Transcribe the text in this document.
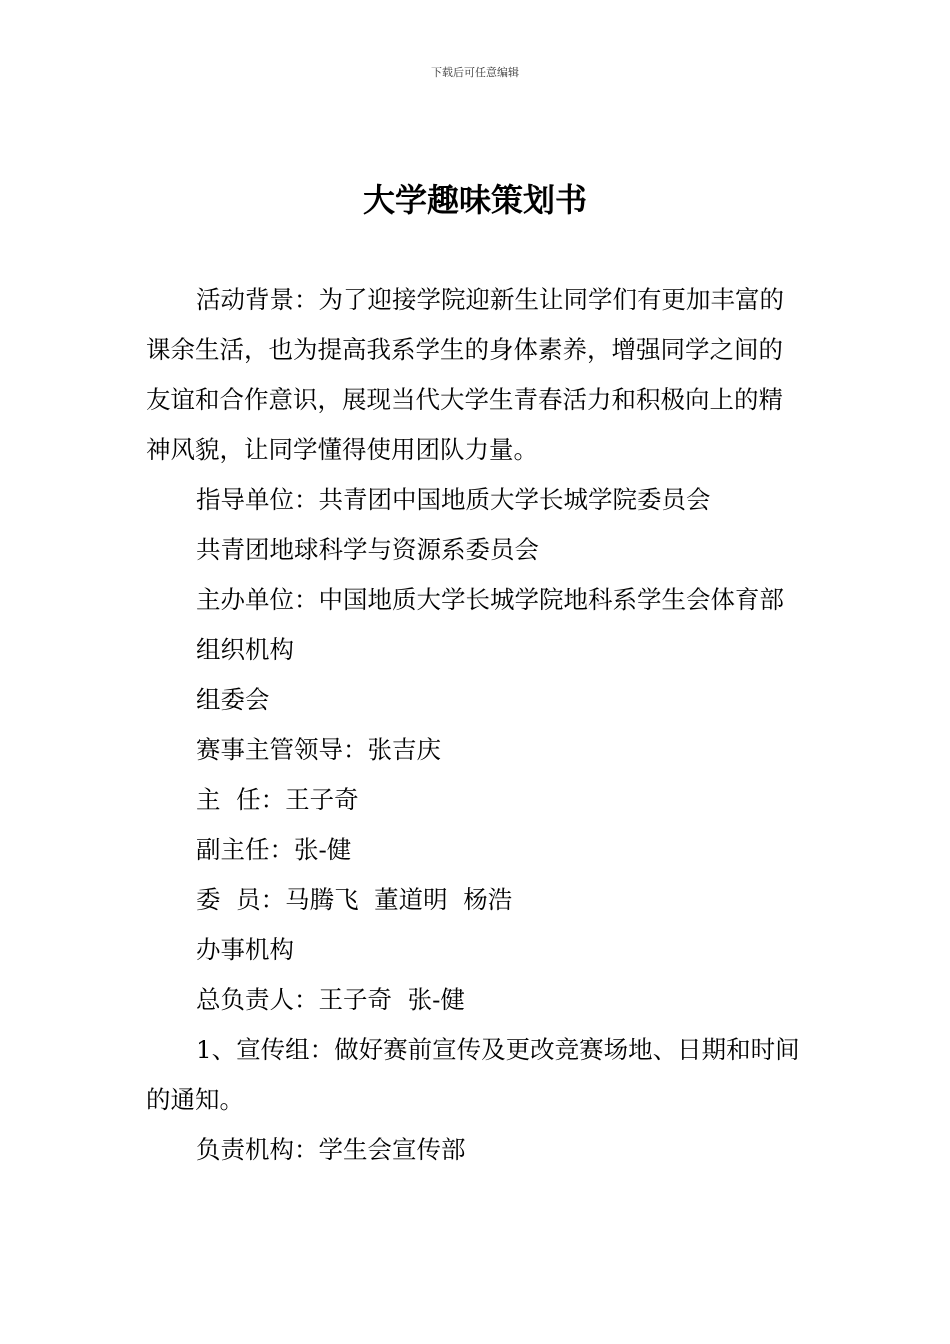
下载后可任意编辑
大学趣味策划书

活动背景：为了迎接学院迎新生让同学们有更加丰富的课余生活，也为提高我系学生的身体素养，增强同学之间的友谊和合作意识，展现当代大学生青春活力和积极向上的精神风貌，让同学懂得使用团队力量。

指导单位：共青团中国地质大学长城学院委员会

共青团地球科学与资源系委员会

主办单位：中国地质大学长城学院地科系学生会体育部

组织机构

组委会

赛事主管领导：张吉庆

主  任：王子奇

副主任：张-健

委  员：马腾飞  董道明  杨浩

办事机构

总负责人：王子奇  张-健

1、宣传组：做好赛前宣传及更改竞赛场地、日期和时间的通知。

负责机构：学生会宣传部
